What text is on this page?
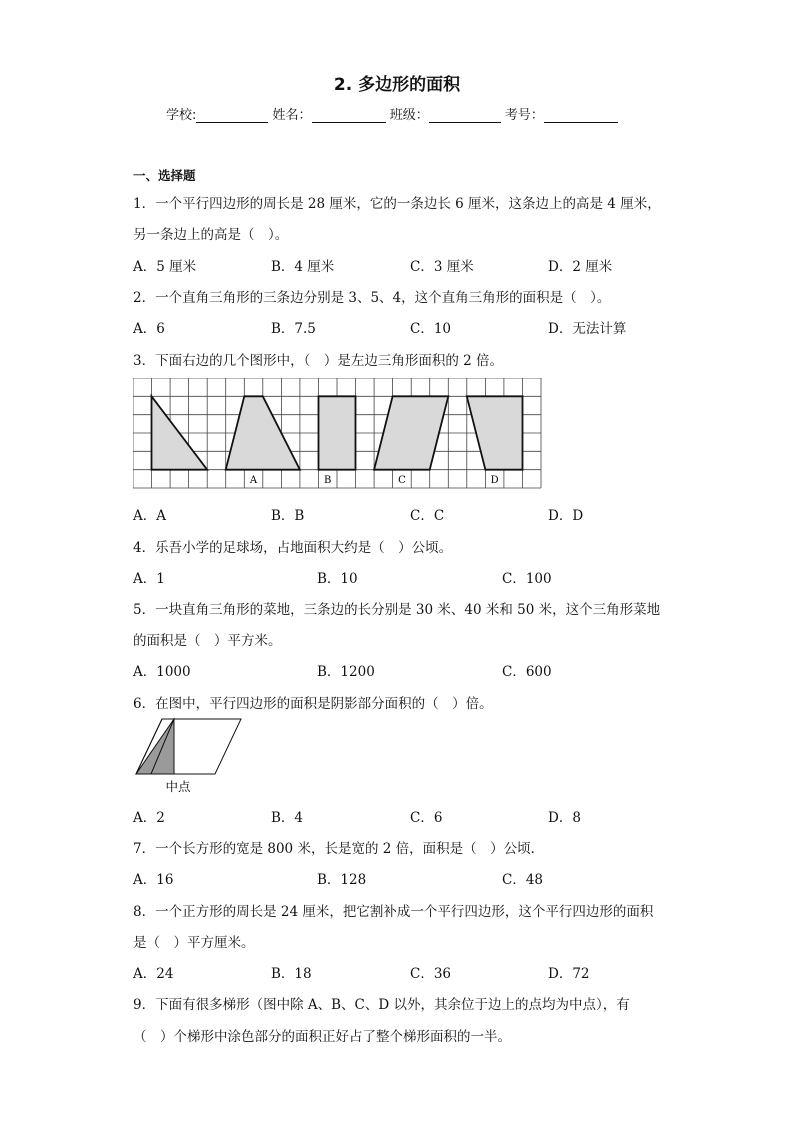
2. 多边形的面积
学校:	姓名：	班级：	考号：
一、选择题
1．一个平行四边形的周长是 28 厘米，它的一条边长 6 厘米，这条边上的高是 4 厘米，
另一条边上的高是（　）。
A．5 厘米	B．4 厘米	C．3 厘米	D．2 厘米
2．一个直角三角形的三条边分别是 3、5、4，这个直角三角形的面积是（　）。
A．6	B．7.5	C．10	D．无法计算
3．下面右边的几个图形中，（　）是左边三角形面积的 2 倍。
A	B	C	D
A．A	B．B	C．C	D．D
4．乐吾小学的足球场，占地面积大约是（　）公顷。
A．1	B．10	C．100
5．一块直角三角形的菜地，三条边的长分别是 30 米、40 米和 50 米，这个三角形菜地
的面积是（　）平方米。
A．1000	B．1200	C．600
6．在图中，平行四边形的面积是阴影部分面积的（　）倍。
中点
A．2	B．4	C．6	D．8
7．一个长方形的宽是 800 米，长是宽的 2 倍，面积是（　）公顷．
A．16	B．128	C．48
8．一个正方形的周长是 24 厘米，把它割补成一个平行四边形，这个平行四边形的面积
是（　）平方厘米。
A．24	B．18	C．36	D．72
9．下面有很多梯形（图中除 A、B、C、D 以外，其余位于边上的点均为中点），有
（　）个梯形中涂色部分的面积正好占了整个梯形面积的一半。
